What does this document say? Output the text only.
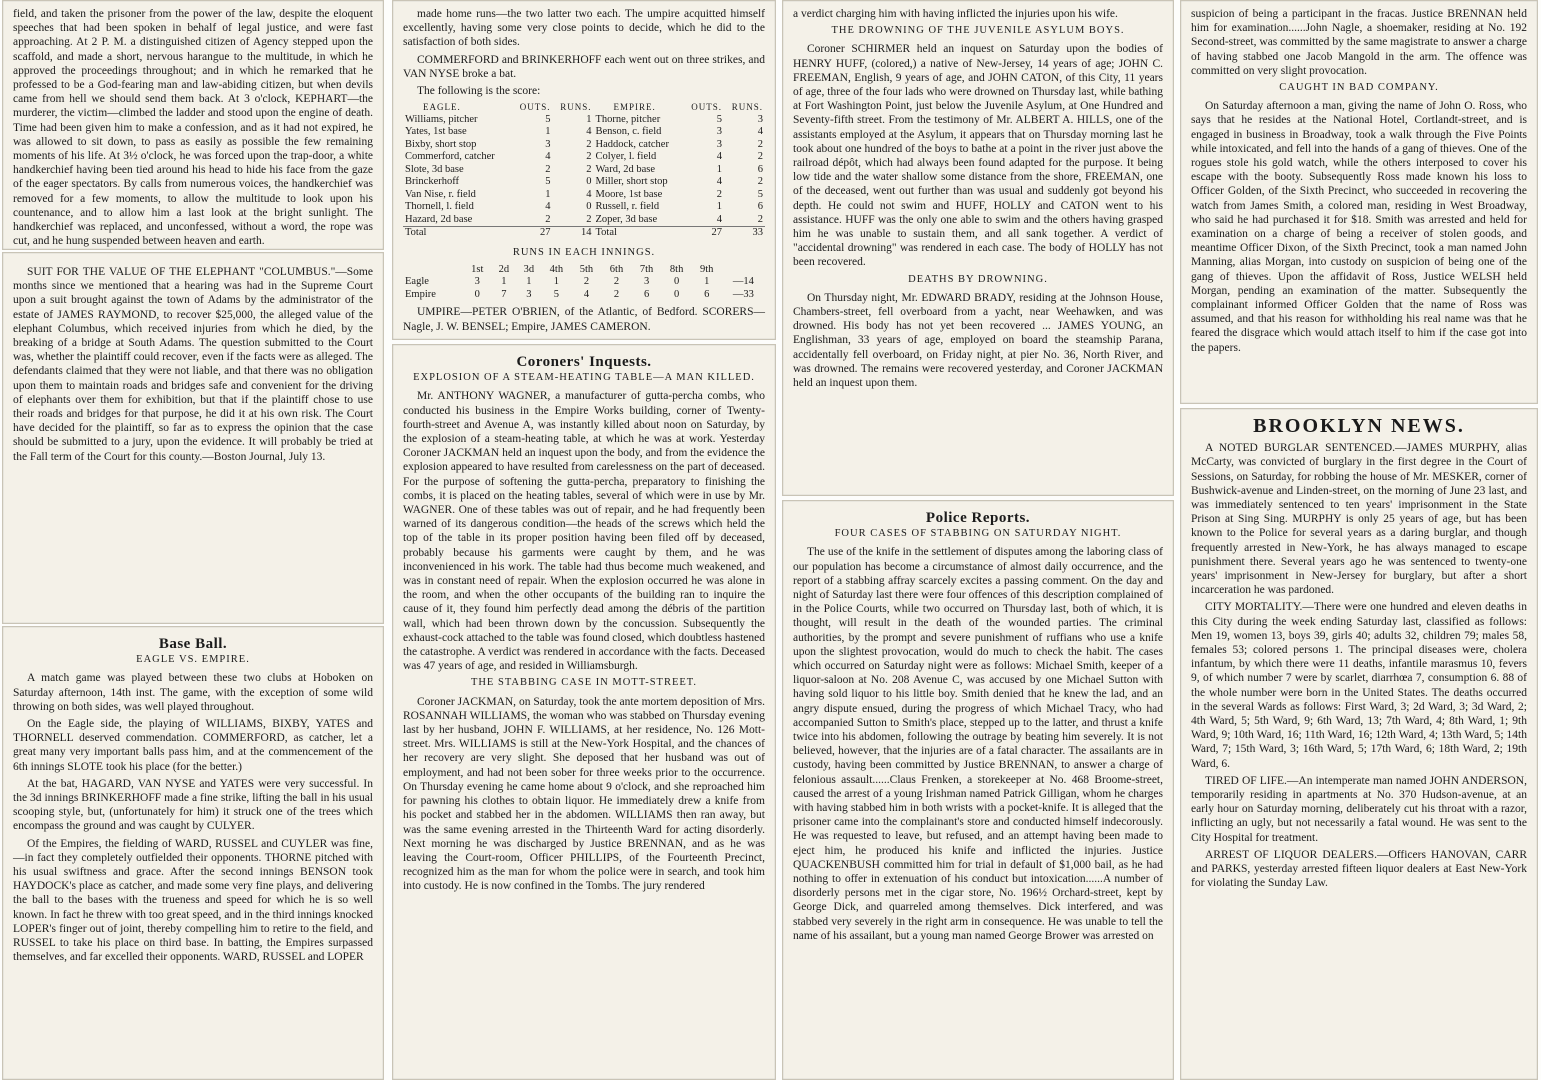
field, and taken the prisoner from the power of the law, despite the eloquent speeches that had been spoken in behalf of legal justice, and were fast approaching. At 2 P. M. a distinguished citizen of Agency stepped upon the scaffold, and made a short, nervous harangue to the multitude, in which he approved the proceedings throughout; and in which he remarked that he professed to be a God-fearing man and law-abiding citizen, but when devils came from hell we should send them back. At 3 o'clock, KEPHART—the murderer, the victim—climbed the ladder and stood upon the engine of death. Time had been given him to make a confession, and as it had not expired, he was allowed to sit down, to pass as easily as possible the few remaining moments of his life. At 3½ o'clock, he was forced upon the trap-door, a white handkerchief having been tied around his head to hide his face from the gaze of the eager spectators. By calls from numerous voices, the handkerchief was removed for a few moments, to allow the multitude to look upon his countenance, and to allow him a last look at the bright sunlight. The handkerchief was replaced, and unconfessed, without a word, the rope was cut, and he hung suspended between heaven and earth.

SUIT FOR THE VALUE OF THE ELEPHANT "COLUMBUS."—Some months since we mentioned that a hearing was had in the Supreme Court upon a suit brought against the town of Adams by the administrator of the estate of JAMES RAYMOND, to recover $25,000, the alleged value of the elephant Columbus, which received injuries from which he died, by the breaking of a bridge at South Adams. The question submitted to the Court was, whether the plaintiff could recover, even if the facts were as alleged. The defendants claimed that they were not liable, and that there was no obligation upon them to maintain roads and bridges safe and convenient for the driving of elephants over them for exhibition, but that if the plaintiff chose to use their roads and bridges for that purpose, he did it at his own risk. The Court have decided for the plaintiff, so far as to express the opinion that the case should be submitted to a jury, upon the evidence. It will probably be tried at the Fall term of the Court for this county.—Boston Journal, July 13.

Base Ball.
EAGLE VS. EMPIRE.

A match game was played between these two clubs at Hoboken on Saturday afternoon, 14th inst. The game, with the exception of some wild throwing on both sides, was well played throughout.

On the Eagle side, the playing of WILLIAMS, BIXBY, YATES and THORNELL deserved commendation. COMMERFORD, as catcher, let a great many very important balls pass him, and at the commencement of the 6th innings SLOTE took his place (for the better.)

At the bat, HAGARD, VAN NYSE and YATES were very successful. In the 3d innings BRINKERHOFF made a fine strike, lifting the ball in his usual scooping style, but, (unfortunately for him) it struck one of the trees which encompass the ground and was caught by CULYER.

Of the Empires, the fielding of WARD, RUSSEL and CUYLER was fine,—in fact they completely outfielded their opponents. THORNE pitched with his usual swiftness and grace. After the second innings BENSON took HAYDOCK's place as catcher, and made some very fine plays, and delivering the ball to the bases with the trueness and speed for which he is so well known. In fact he threw with too great speed, and in the third innings knocked LOPER's finger out of joint, thereby compelling him to retire to the field, and RUSSEL to take his place on third base. In batting, the Empires surpassed themselves, and far excelled their opponents. WARD, RUSSEL and LOPER

made home runs—the two latter two each. The umpire acquitted himself excellently, having some very close points to decide, which he did to the satisfaction of both sides.

COMMERFORD and BRINKERHOFF each went out on three strikes, and VAN NYSE broke a bat.

The following is the score:

EAGLE.	OUTS.	RUNS.	EMPIRE.	OUTS.	RUNS.
Williams, pitcher	5	1	Thorne, pitcher	5	3
Yates, 1st base	1	4	Benson, c. field	3	4
Bixby, short stop	3	2	Haddock, catcher	3	2
Commerford, catcher	4	2	Colyer, l. field	4	2
Slote, 3d base	2	2	Ward, 2d base	1	6
Brinckerhoff	5	0	Miller, short stop	4	2
Van Nise, r. field	1	4	Moore, 1st base	2	5
Thornell, l. field	4	0	Russell, r. field	1	6
Hazard, 2d base	2	2	Zoper, 3d base	4	2
Total	27	14	Total	27	33
RUNS IN EACH INNINGS.
	1st	2d	3d	4th	5th	6th	7th	8th	9th	
Eagle	3	1	1	1	2	2	3	0	1	—14
Empire	0	7	3	5	4	2	6	0	6	—33

UMPIRE—PETER O'BRIEN, of the Atlantic, of Bedford. SCORERS—Nagle, J. W. BENSEL; Empire, JAMES CAMERON.

Coroners' Inquests.
EXPLOSION OF A STEAM-HEATING TABLE—A MAN KILLED.

Mr. ANTHONY WAGNER, a manufacturer of gutta-percha combs, who conducted his business in the Empire Works building, corner of Twenty-fourth-street and Avenue A, was instantly killed about noon on Saturday, by the explosion of a steam-heating table, at which he was at work. Yesterday Coroner JACKMAN held an inquest upon the body, and from the evidence the explosion appeared to have resulted from carelessness on the part of deceased. For the purpose of softening the gutta-percha, preparatory to finishing the combs, it is placed on the heating tables, several of which were in use by Mr. WAGNER. One of these tables was out of repair, and he had frequently been warned of its dangerous condition—the heads of the screws which held the top of the table in its proper position having been filed off by deceased, probably because his garments were caught by them, and he was inconvenienced in his work. The table had thus become much weakened, and was in constant need of repair. When the explosion occurred he was alone in the room, and when the other occupants of the building ran to inquire the cause of it, they found him perfectly dead among the débris of the partition wall, which had been thrown down by the concussion. Subsequently the exhaust-cock attached to the table was found closed, which doubtless hastened the catastrophe. A verdict was rendered in accordance with the facts. Deceased was 47 years of age, and resided in Williamsburgh.

THE STABBING CASE IN MOTT-STREET.

Coroner JACKMAN, on Saturday, took the ante mortem deposition of Mrs. ROSANNAH WILLIAMS, the woman who was stabbed on Thursday evening last by her husband, JOHN F. WILLIAMS, at her residence, No. 126 Mott-street. Mrs. WILLIAMS is still at the New-York Hospital, and the chances of her recovery are very slight. She deposed that her husband was out of employment, and had not been sober for three weeks prior to the occurrence. On Thursday evening he came home about 9 o'clock, and she reproached him for pawning his clothes to obtain liquor. He immediately drew a knife from his pocket and stabbed her in the abdomen. WILLIAMS then ran away, but was the same evening arrested in the Thirteenth Ward for acting disorderly. Next morning he was discharged by Justice BRENNAN, and as he was leaving the Court-room, Officer PHILLIPS, of the Fourteenth Precinct, recognized him as the man for whom the police were in search, and took him into custody. He is now confined in the Tombs. The jury rendered

a verdict charging him with having inflicted the injuries upon his wife.

THE DROWNING OF THE JUVENILE ASYLUM BOYS.

Coroner SCHIRMER held an inquest on Saturday upon the bodies of HENRY HUFF, (colored,) a native of New-Jersey, 14 years of age; JOHN C. FREEMAN, English, 9 years of age, and JOHN CATON, of this City, 11 years of age, three of the four lads who were drowned on Thursday last, while bathing at Fort Washington Point, just below the Juvenile Asylum, at One Hundred and Seventy-fifth street. From the testimony of Mr. ALBERT A. HILLS, one of the assistants employed at the Asylum, it appears that on Thursday morning last he took about one hundred of the boys to bathe at a point in the river just above the railroad dépôt, which had always been found adapted for the purpose. It being low tide and the water shallow some distance from the shore, FREEMAN, one of the deceased, went out further than was usual and suddenly got beyond his depth. He could not swim and HUFF, HOLLY and CATON went to his assistance. HUFF was the only one able to swim and the others having grasped him he was unable to sustain them, and all sank together. A verdict of "accidental drowning" was rendered in each case. The body of HOLLY has not been recovered.

DEATHS BY DROWNING.

On Thursday night, Mr. EDWARD BRADY, residing at the Johnson House, Chambers-street, fell overboard from a yacht, near Weehawken, and was drowned. His body has not yet been recovered ... JAMES YOUNG, an Englishman, 33 years of age, employed on board the steamship Parana, accidentally fell overboard, on Friday night, at pier No. 36, North River, and was drowned. The remains were recovered yesterday, and Coroner JACKMAN held an inquest upon them.

Police Reports.
FOUR CASES OF STABBING ON SATURDAY NIGHT.

The use of the knife in the settlement of disputes among the laboring class of our population has become a circumstance of almost daily occurrence, and the report of a stabbing affray scarcely excites a passing comment. On the day and night of Saturday last there were four offences of this description complained of in the Police Courts, while two occurred on Thursday last, both of which, it is thought, will result in the death of the wounded parties. The criminal authorities, by the prompt and severe punishment of ruffians who use a knife upon the slightest provocation, would do much to check the habit. The cases which occurred on Saturday night were as follows: Michael Smith, keeper of a liquor-saloon at No. 208 Avenue C, was accused by one Michael Sutton with having sold liquor to his little boy. Smith denied that he knew the lad, and an angry dispute ensued, during the progress of which Michael Tracy, who had accompanied Sutton to Smith's place, stepped up to the latter, and thrust a knife twice into his abdomen, following the outrage by beating him severely. It is not believed, however, that the injuries are of a fatal character. The assailants are in custody, having been committed by Justice BRENNAN, to answer a charge of felonious assault......Claus Frenken, a storekeeper at No. 468 Broome-street, caused the arrest of a young Irishman named Patrick Gilligan, whom he charges with having stabbed him in both wrists with a pocket-knife. It is alleged that the prisoner came into the complainant's store and conducted himself indecorously. He was requested to leave, but refused, and an attempt having been made to eject him, he produced his knife and inflicted the injuries. Justice QUACKENBUSH committed him for trial in default of $1,000 bail, as he had nothing to offer in extenuation of his conduct but intoxication......A number of disorderly persons met in the cigar store, No. 196½ Orchard-street, kept by George Dick, and quarreled among themselves. Dick interfered, and was stabbed very severely in the right arm in consequence. He was unable to tell the name of his assailant, but a young man named George Brower was arrested on

suspicion of being a participant in the fracas. Justice BRENNAN held him for examination......John Nagle, a shoemaker, residing at No. 192 Second-street, was committed by the same magistrate to answer a charge of having stabbed one Jacob Mangold in the arm. The offence was committed on very slight provocation.

CAUGHT IN BAD COMPANY.

On Saturday afternoon a man, giving the name of John O. Ross, who says that he resides at the National Hotel, Cortlandt-street, and is engaged in business in Broadway, took a walk through the Five Points while intoxicated, and fell into the hands of a gang of thieves. One of the rogues stole his gold watch, while the others interposed to cover his escape with the booty. Subsequently Ross made known his loss to Officer Golden, of the Sixth Precinct, who succeeded in recovering the watch from James Smith, a colored man, residing in West Broadway, who said he had purchased it for $18. Smith was arrested and held for examination on a charge of being a receiver of stolen goods, and meantime Officer Dixon, of the Sixth Precinct, took a man named John Manning, alias Morgan, into custody on suspicion of being one of the gang of thieves. Upon the affidavit of Ross, Justice WELSH held Morgan, pending an examination of the matter. Subsequently the complainant informed Officer Golden that the name of Ross was assumed, and that his reason for withholding his real name was that he feared the disgrace which would attach itself to him if the case got into the papers.

BROOKLYN NEWS.

A NOTED BURGLAR SENTENCED.—JAMES MURPHY, alias McCarty, was convicted of burglary in the first degree in the Court of Sessions, on Saturday, for robbing the house of Mr. MESKER, corner of Bushwick-avenue and Linden-street, on the morning of June 23 last, and was immediately sentenced to ten years' imprisonment in the State Prison at Sing Sing. MURPHY is only 25 years of age, but has been known to the Police for several years as a daring burglar, and though frequently arrested in New-York, he has always managed to escape punishment there. Several years ago he was sentenced to twenty-one years' imprisonment in New-Jersey for burglary, but after a short incarceration he was pardoned.

CITY MORTALITY.—There were one hundred and eleven deaths in this City during the week ending Saturday last, classified as follows: Men 19, women 13, boys 39, girls 40; adults 32, children 79; males 58, females 53; colored persons 1. The principal diseases were, cholera infantum, by which there were 11 deaths, infantile marasmus 10, fevers 9, of which number 7 were by scarlet, diarrhœa 7, consumption 6. 88 of the whole number were born in the United States. The deaths occurred in the several Wards as follows: First Ward, 3; 2d Ward, 3; 3d Ward, 2; 4th Ward, 5; 5th Ward, 9; 6th Ward, 13; 7th Ward, 4; 8th Ward, 1; 9th Ward, 9; 10th Ward, 16; 11th Ward, 16; 12th Ward, 4; 13th Ward, 5; 14th Ward, 7; 15th Ward, 3; 16th Ward, 5; 17th Ward, 6; 18th Ward, 2; 19th Ward, 6.

TIRED OF LIFE.—An intemperate man named JOHN ANDERSON, temporarily residing in apartments at No. 370 Hudson-avenue, at an early hour on Saturday morning, deliberately cut his throat with a razor, inflicting an ugly, but not necessarily a fatal wound. He was sent to the City Hospital for treatment.

ARREST OF LIQUOR DEALERS.—Officers HANOVAN, CARR and PARKS, yesterday arrested fifteen liquor dealers at East New-York for violating the Sunday Law.
